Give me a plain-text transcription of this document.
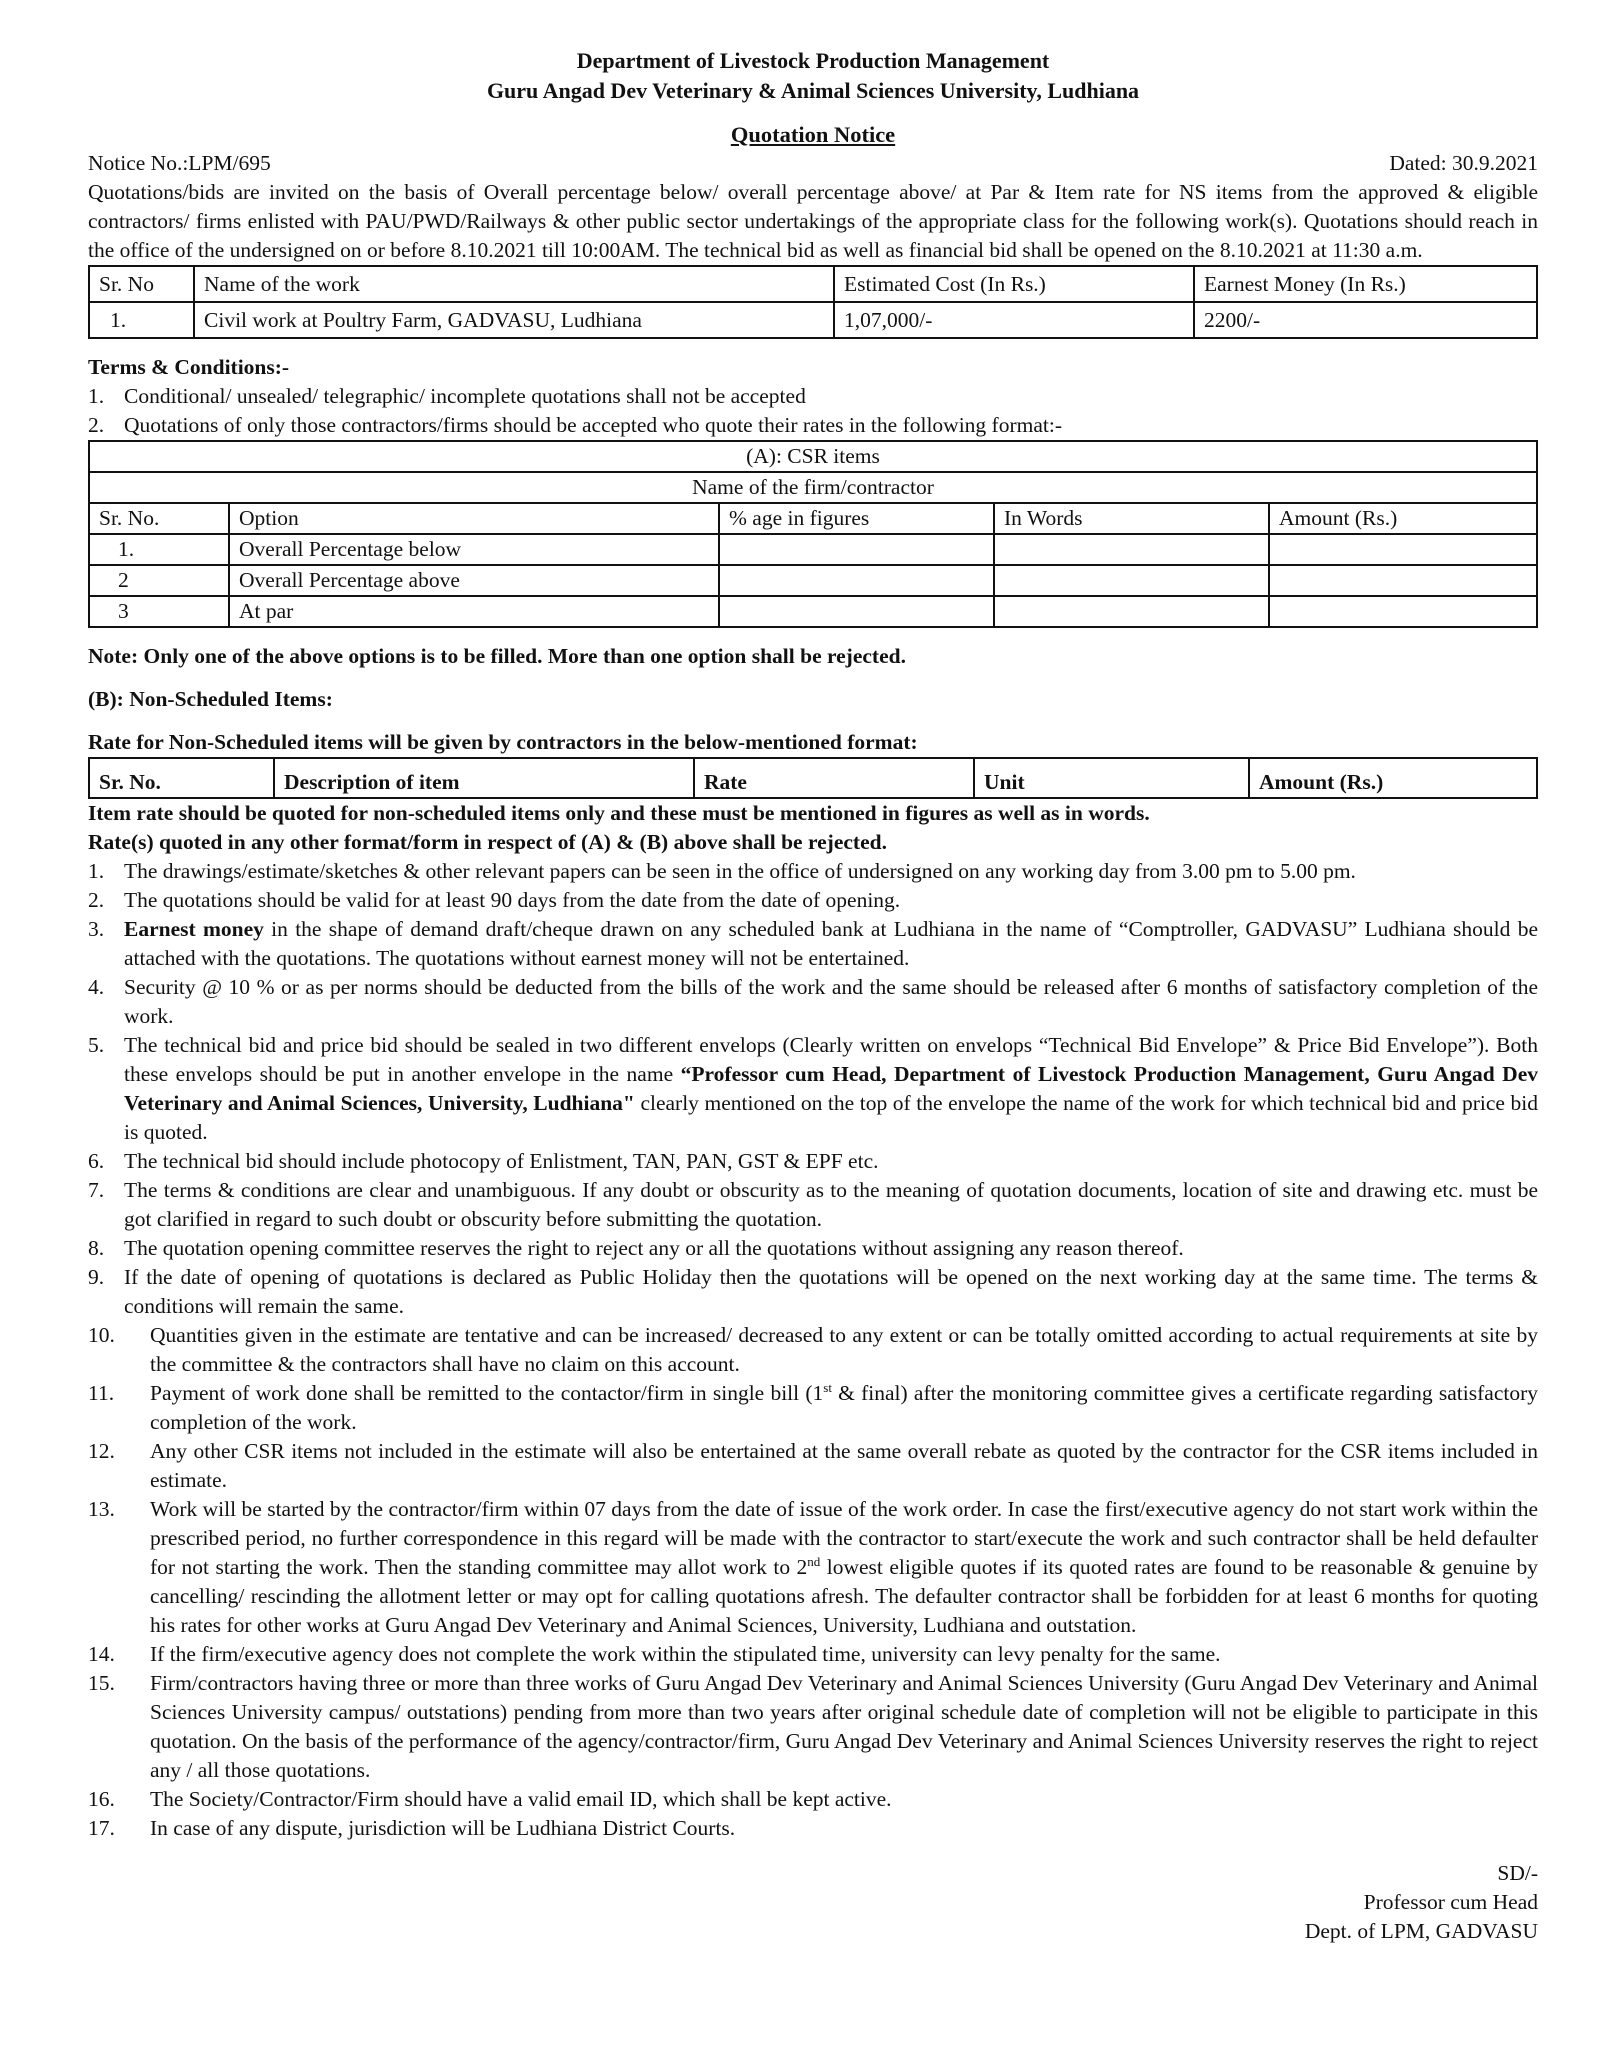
Department of Livestock Production Management
Guru Angad Dev Veterinary & Animal Sciences University, Ludhiana
Quotation Notice
Notice No.:LPM/695	Dated: 30.9.2021
Quotations/bids are invited on the basis of Overall percentage below/ overall percentage above/ at Par & Item rate for NS items from the approved & eligible contractors/ firms enlisted with PAU/PWD/Railways & other public sector undertakings of the appropriate class for the following work(s). Quotations should reach in the office of the undersigned on or before 8.10.2021 till 10:00AM. The technical bid as well as financial bid shall be opened on the 8.10.2021 at 11:30 a.m.
Sr. No	Name of the work	Estimated Cost (In Rs.)	Earnest Money (In Rs.)
1.	Civil work at Poultry Farm, GADVASU, Ludhiana	1,07,000/-	2200/-
Terms & Conditions:-
1. Conditional/ unsealed/ telegraphic/ incomplete quotations shall not be accepted
2. Quotations of only those contractors/firms should be accepted who quote their rates in the following format:-
(A): CSR items				
Name of the firm/contractor				
Sr. No.	Option	% age in figures	In Words	Amount (Rs.)
1.	Overall Percentage below			
2	Overall Percentage above			
3	At par			
Note: Only one of the above options is to be filled. More than one option shall be rejected.
(B): Non-Scheduled Items:
Rate for Non-Scheduled items will be given by contractors in the below-mentioned format:
Sr. No.	Description of item	Rate	Unit	Amount (Rs.)
Item rate should be quoted for non-scheduled items only and these must be mentioned in figures as well as in words.
Rate(s) quoted in any other format/form in respect of (A) & (B) above shall be rejected.
1. The drawings/estimate/sketches & other relevant papers can be seen in the office of undersigned on any working day from 3.00 pm to 5.00 pm.
2. The quotations should be valid for at least 90 days from the date from the date of opening.
3. Earnest money in the shape of demand draft/cheque drawn on any scheduled bank at Ludhiana in the name of “Comptroller, GADVASU” Ludhiana should be attached with the quotations. The quotations without earnest money will not be entertained.
4. Security @ 10 % or as per norms should be deducted from the bills of the work and the same should be released after 6 months of satisfactory completion of the work.
5. The technical bid and price bid should be sealed in two different envelops (Clearly written on envelops “Technical Bid Envelope” & Price Bid Envelope”). Both these envelops should be put in another envelope in the name “Professor cum Head, Department of Livestock Production Management, Guru Angad Dev Veterinary and Animal Sciences, University, Ludhiana" clearly mentioned on the top of the envelope the name of the work for which technical bid and price bid is quoted.
6. The technical bid should include photocopy of Enlistment, TAN, PAN, GST & EPF etc.
7. The terms & conditions are clear and unambiguous. If any doubt or obscurity as to the meaning of quotation documents, location of site and drawing etc. must be got clarified in regard to such doubt or obscurity before submitting the quotation.
8. The quotation opening committee reserves the right to reject any or all the quotations without assigning any reason thereof.
9. If the date of opening of quotations is declared as Public Holiday then the quotations will be opened on the next working day at the same time. The terms & conditions will remain the same.
10.	Quantities given in the estimate are tentative and can be increased/ decreased to any extent or can be totally omitted according to actual requirements at site by the committee & the contractors shall have no claim on this account.
11.	Payment of work done shall be remitted to the contactor/firm in single bill (1st & final) after the monitoring committee gives a certificate regarding satisfactory completion of the work.
12.	Any other CSR items not included in the estimate will also be entertained at the same overall rebate as quoted by the contractor for the CSR items included in estimate.
13.	Work will be started by the contractor/firm within 07 days from the date of issue of the work order. In case the first/executive agency do not start work within the prescribed period, no further correspondence in this regard will be made with the contractor to start/execute the work and such contractor shall be held defaulter for not starting the work. Then the standing committee may allot work to 2nd lowest eligible quotes if its quoted rates are found to be reasonable & genuine by cancelling/ rescinding the allotment letter or may opt for calling quotations afresh. The defaulter contractor shall be forbidden for at least 6 months for quoting his rates for other works at Guru Angad Dev Veterinary and Animal Sciences, University, Ludhiana and outstation.
14.	If the firm/executive agency does not complete the work within the stipulated time, university can levy penalty for the same.
15.	Firm/contractors having three or more than three works of Guru Angad Dev Veterinary and Animal Sciences University (Guru Angad Dev Veterinary and Animal Sciences University campus/ outstations) pending from more than two years after original schedule date of completion will not be eligible to participate in this quotation. On the basis of the performance of the agency/contractor/firm, Guru Angad Dev Veterinary and Animal Sciences University reserves the right to reject any / all those quotations.
16.	The Society/Contractor/Firm should have a valid email ID, which shall be kept active.
17.	In case of any dispute, jurisdiction will be Ludhiana District Courts.
SD/-
Professor cum Head
Dept. of LPM, GADVASU
